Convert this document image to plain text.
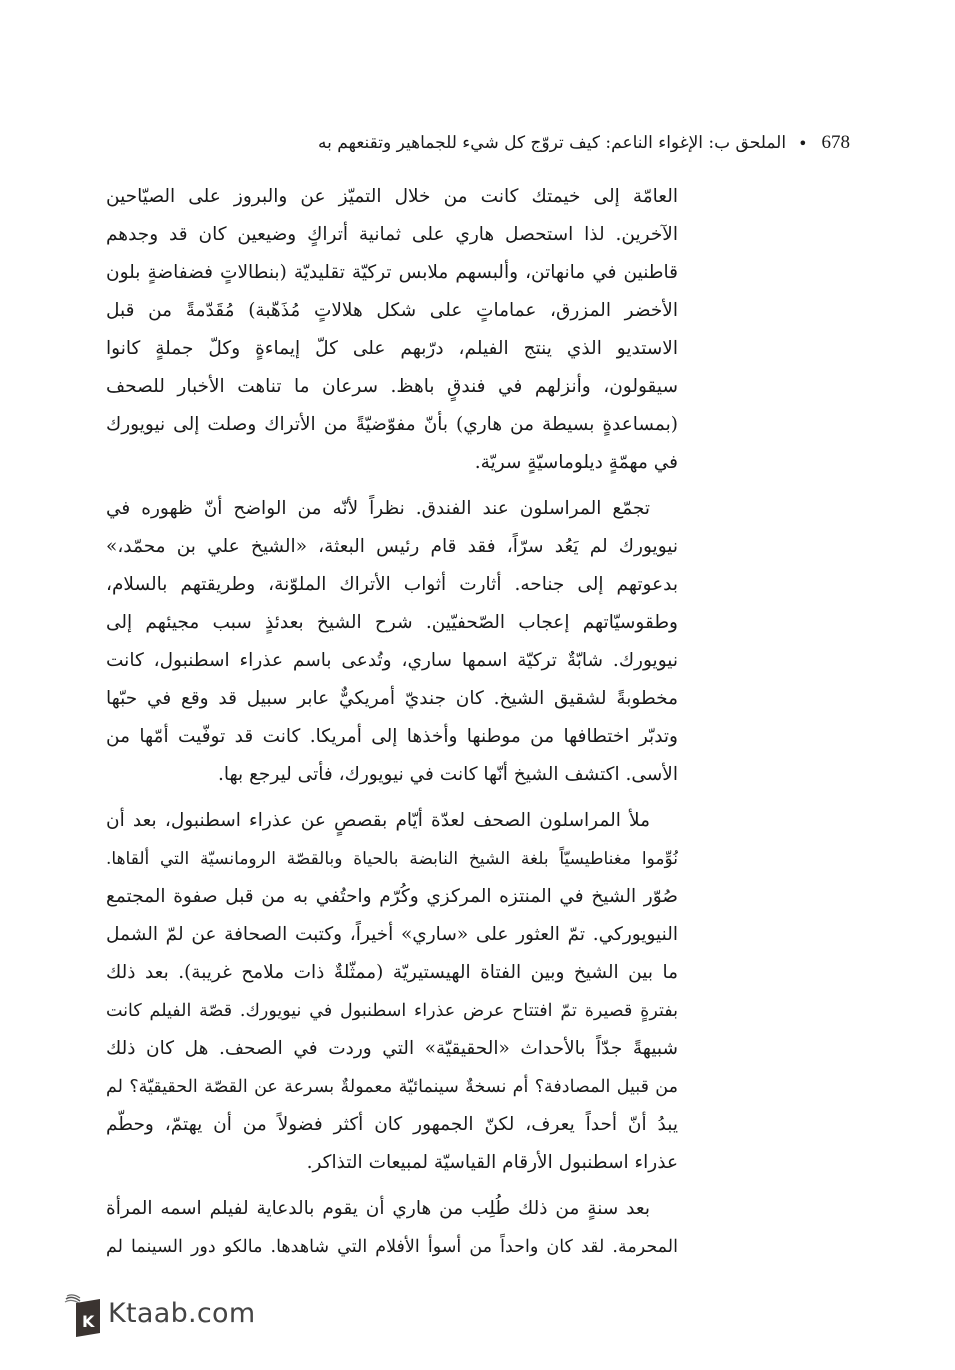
678
•
الملحق ب: الإغواء الناعم: كيف تروّج كل شيء للجماهير وتقنعهم به
العامّة إلى خيمتك كانت من خلال التميّز عن والبروز على الصيّاحين
الآخرين. لذا استحصل هاري على ثمانية أتراكٍ وضيعين كان قد وجدهم
قاطنين في مانهاتن، وألبسهم ملابس تركيّة تقليديّة (بنطالاتٍ فضفاضةٍ بلون
الأخضر المزرق، عماماتٍ على شكل هلالاتٍ مُذَهّبة) مُقَدّمةً من قبل
الاستديو الذي ينتج الفيلم، درّبهم على كلّ إيماءةٍ وكلّ جملةٍ كانوا
سيقولون، وأنزلهم في فندقٍ باهظ. سرعان ما تناهت الأخبار للصحف
(بمساعدةٍ بسيطة من هاري) بأنّ مفوّضيّةً من الأتراك وصلت إلى نيويورك
في مهمّةٍ ديلوماسيّةٍ سريّة.
تجمّع المراسلون عند الفندق. نظراً لأنّه من الواضح أنّ ظهوره في
نيويورك لم يَعُد سرّاً، فقد قام رئيس البعثة، «الشيخ علي بن محمّد،»
بدعوتهم إلى جناحه. أثارت أثواب الأتراك الملوّنة، وطريقتهم بالسلام،
وطقوسيّاتهم إعجاب الصّحفيّين. شرح الشيخ بعدئذٍ سبب مجيئهم إلى
نيويورك. شابّةٌ تركيّة اسمها ساري، وتُدعى باسم عذراء اسطنبول، كانت
مخطوبةً لشقيق الشيخ. كان جنديّ أمريكيٌّ عابر سبيل قد وقع في حبّها
وتدبّر اختطافها من موطنها وأخذها إلى أمريكا. كانت قد توفّيت أمّها من
الأسى. اكتشف الشيخ أنّها كانت في نيويورك، فأتى ليرجع بها.
ملأ المراسلون الصحف لعدّة أيّام بقصصٍ عن عذراء اسطنبول، بعد أن
نُوِّموا مغناطيسيّاً بلغة الشيخ النابضة بالحياة وبالقصّة الرومانسيّة التي ألقاها.
صُوّر الشيخ في المنتزه المركزي وكُرّم واحتُفي به من قبل صفوة المجتمع
النيويوركي. تمّ العثور على «ساري» أخيراً، وكتبت الصحافة عن لمّ الشمل
ما بين الشيخ وبين الفتاة الهيستيريّة (ممثّلةٌ ذات ملامح غريبة). بعد ذلك
بفترةٍ قصيرة تمّ افتتاح عرض عذراء اسطنبول في نيويورك. قصّة الفيلم كانت
شبيهةً جدّاً بالأحداث «الحقيقيّة» التي وردت في الصحف. هل كان ذلك
من قبيل المصادفة؟ أم نسخةٌ سينمائيّة معمولةٌ بسرعة عن القصّة الحقيقيّة؟ لم
يبدُ أنّ أحداً يعرف، لكنّ الجمهور كان أكثر فضولاً من أن يهتمّ، وحطّم
عذراء اسطنبول الأرقام القياسيّة لمبيعات التذاكر.
بعد سنةٍ من ذلك طُلِب من هاري أن يقوم بالدعاية لفيلم اسمه المرأة
المحرمة. لقد كان واحداً من أسوأ الأفلام التي شاهدها. مالكو دور السينما لم
K Ktaab.com
